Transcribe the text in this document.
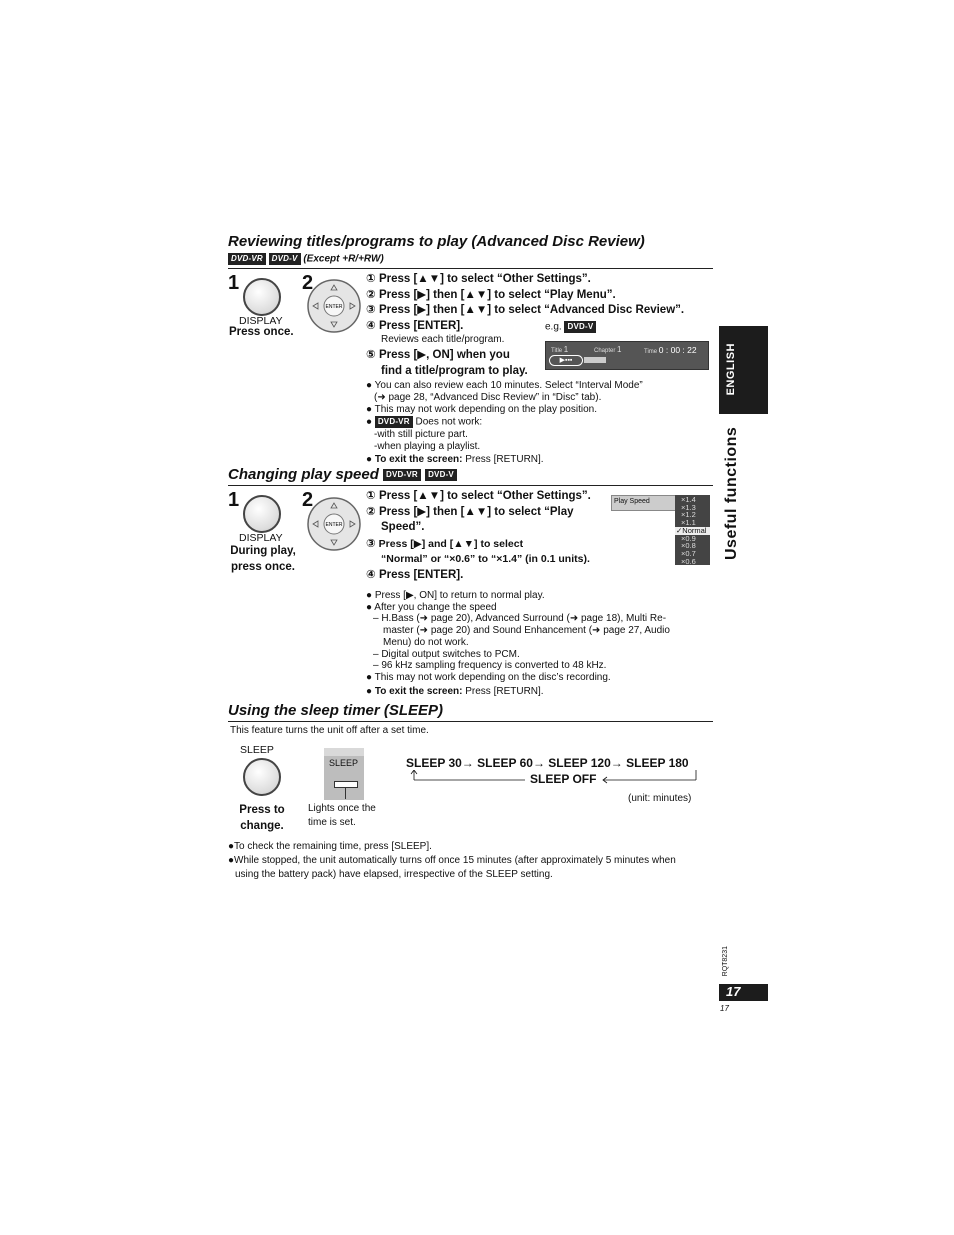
Reviewing titles/programs to play (Advanced Disc Review)
DVD-VR DVD-V (Except +R/+RW)
1
DISPLAY
Press once.
2
ENTER
① Press [▲▼] to select “Other Settings”.
② Press [▶] then [▲▼] to select “Play Menu”.
③ Press [▶] then [▲▼] to select “Advanced Disc Review”.
④ Press [ENTER].
Reviews each title/program.
⑤ Press [▶, ON] when you
find a title/program to play.
e.g. DVD-V
Title 1	Chapter 1	Time 0 : 00 : 22
▶▪▪▪
● You can also review each 10 minutes. Select “Interval Mode”
(➜ page 28, “Advanced Disc Review” in “Disc” tab).
● This may not work depending on the play position.
● DVD-VR Does not work:
-with still picture part.
-when playing a playlist.
● To exit the screen: Press [RETURN].
Changing play speed DVD-VR DVD-V
1
DISPLAY
During play,
press once.
2
ENTER
① Press [▲▼] to select “Other Settings”.
② Press [▶] then [▲▼] to select “Play
Speed”.
③ Press [▶] and [▲▼] to select
“Normal” or “×0.6” to “×1.4” (in 0.1 units).
④ Press [ENTER].
Play Speed	×1.4
×1.3
×1.2
×1.1
✓Normal
×0.9
×0.8
×0.7
×0.6
● Press [▶, ON] to return to normal play.
● After you change the speed
– H.Bass (➜ page 20), Advanced Surround (➜ page 18), Multi Re-
master (➜ page 20) and Sound Enhancement (➜ page 27, Audio
Menu) do not work.
– Digital output switches to PCM.
– 96 kHz sampling frequency is converted to 48 kHz.
● This may not work depending on the disc’s recording.
● To exit the screen: Press [RETURN].
Using the sleep timer (SLEEP)
This feature turns the unit off after a set time.
SLEEP
Press to
change.
SLEEP
Lights once the
time is set.
SLEEP 30→ SLEEP 60→ SLEEP 120→ SLEEP 180
SLEEP OFF
(unit: minutes)
●To check the remaining time, press [SLEEP].
●While stopped, the unit automatically turns off once 15 minutes (after approximately 5 minutes when
using the battery pack) have elapsed, irrespective of the SLEEP setting.
ENGLISH
Useful functions
RQT8231
17
17
